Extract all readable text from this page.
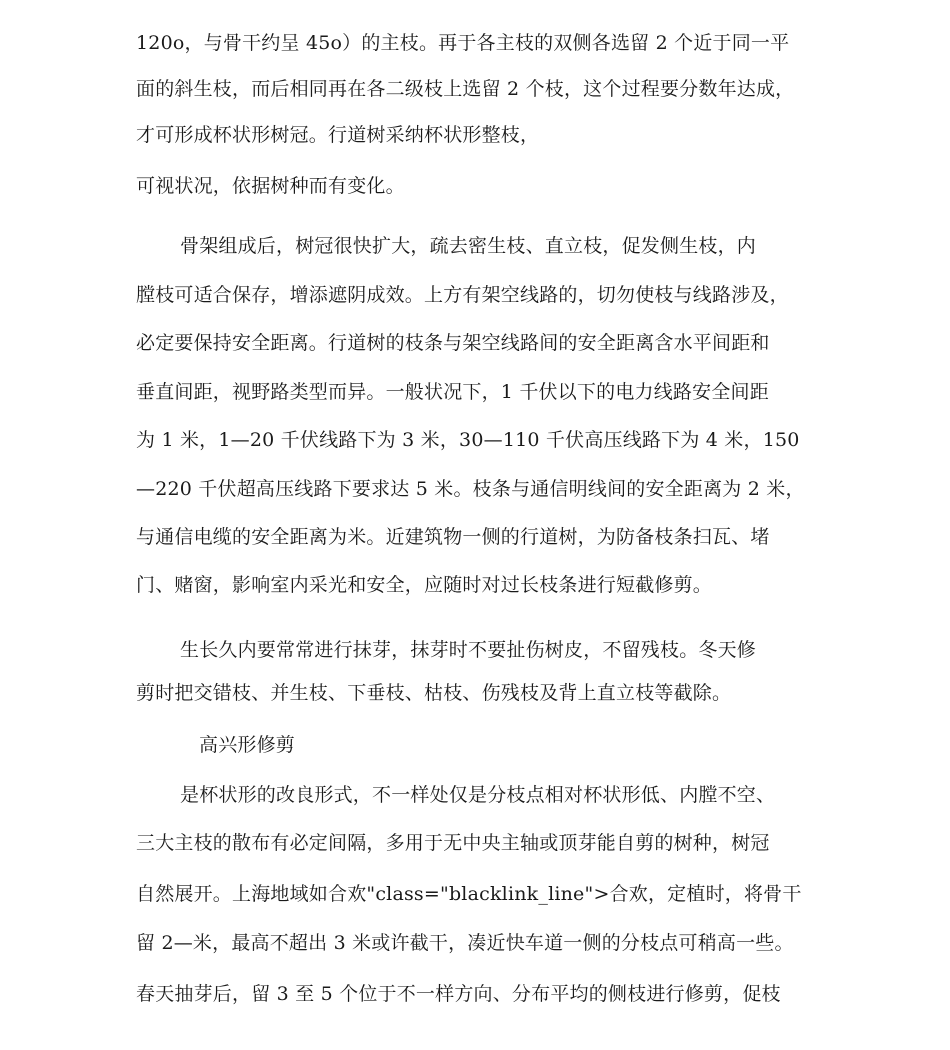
120o，与骨干约呈 45o）的主枝。再于各主枝的双侧各选留 2 个近于同一平
面的斜生枝，而后相同再在各二级枝上选留 2 个枝，这个过程要分数年达成，
才可形成杯状形树冠。行道树采纳杯状形整枝，
可视状况，依据树种而有变化。
骨架组成后，树冠很快扩大，疏去密生枝、直立枝，促发侧生枝，内
膛枝可适合保存，增添遮阴成效。上方有架空线路的，切勿使枝与线路涉及，
必定要保持安全距离。行道树的枝条与架空线路间的安全距离含水平间距和
垂直间距，视野路类型而异。一般状况下，1 千伏以下的电力线路安全间距
为 1 米，1—20 千伏线路下为 3 米，30—110 千伏高压线路下为 4 米，150
—220 千伏超高压线路下要求达 5 米。枝条与通信明线间的安全距离为 2 米，
与通信电缆的安全距离为米。近建筑物一侧的行道树，为防备枝条扫瓦、堵
门、赌窗，影响室内采光和安全，应随时对过长枝条进行短截修剪。
生长久内要常常进行抹芽，抹芽时不要扯伤树皮，不留残枝。冬天修
剪时把交错枝、并生枝、下垂枝、枯枝、伤残枝及背上直立枝等截除。
高兴形修剪
是杯状形的改良形式，不一样处仅是分枝点相对杯状形低、内膛不空、
三大主枝的散布有必定间隔，多用于无中央主轴或顶芽能自剪的树种，树冠
自然展开。上海地域如合欢"class="blacklink_line">合欢，定植时，将骨干
留 2—米，最高不超出 3 米或许截干，凑近快车道一侧的分枝点可稍高一些。
春天抽芽后，留 3 至 5 个位于不一样方向、分布平均的侧枝进行修剪，促枝
